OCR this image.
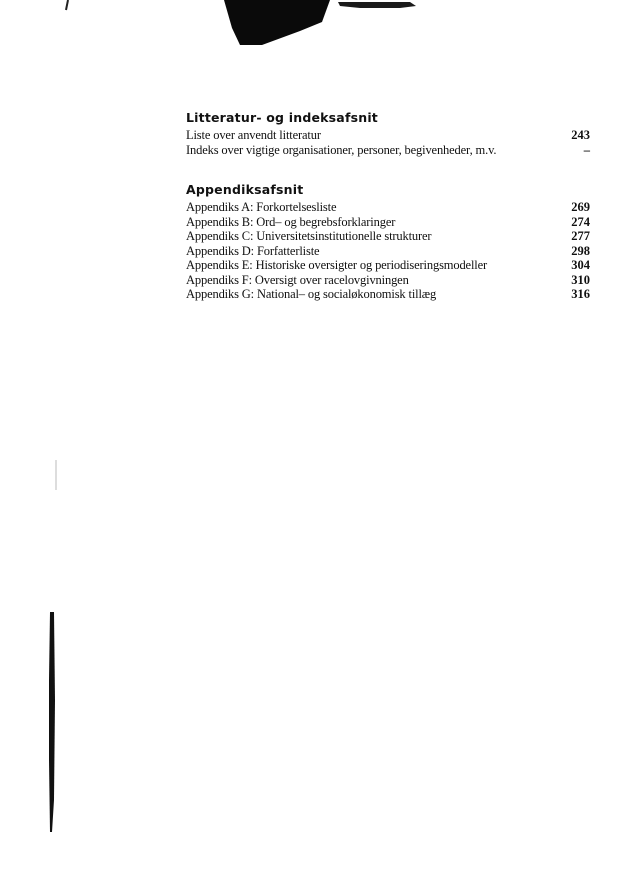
Litteratur- og indeksafsnit
Liste over anvendt litteratur	243
Indeks over vigtige organisationer, personer, begivenheder, m.v.	–
Appendiksafsnit
Appendiks A: Forkortelsesliste	269
Appendiks B: Ord– og begrebsforklaringer	274
Appendiks C: Universitetsinstitutionelle strukturer	277
Appendiks D: Forfatterliste	298
Appendiks E: Historiske oversigter og periodiseringsmodeller	304
Appendiks F: Oversigt over racelovgivningen	310
Appendiks G: National– og socialøkonomisk tillæg	316
